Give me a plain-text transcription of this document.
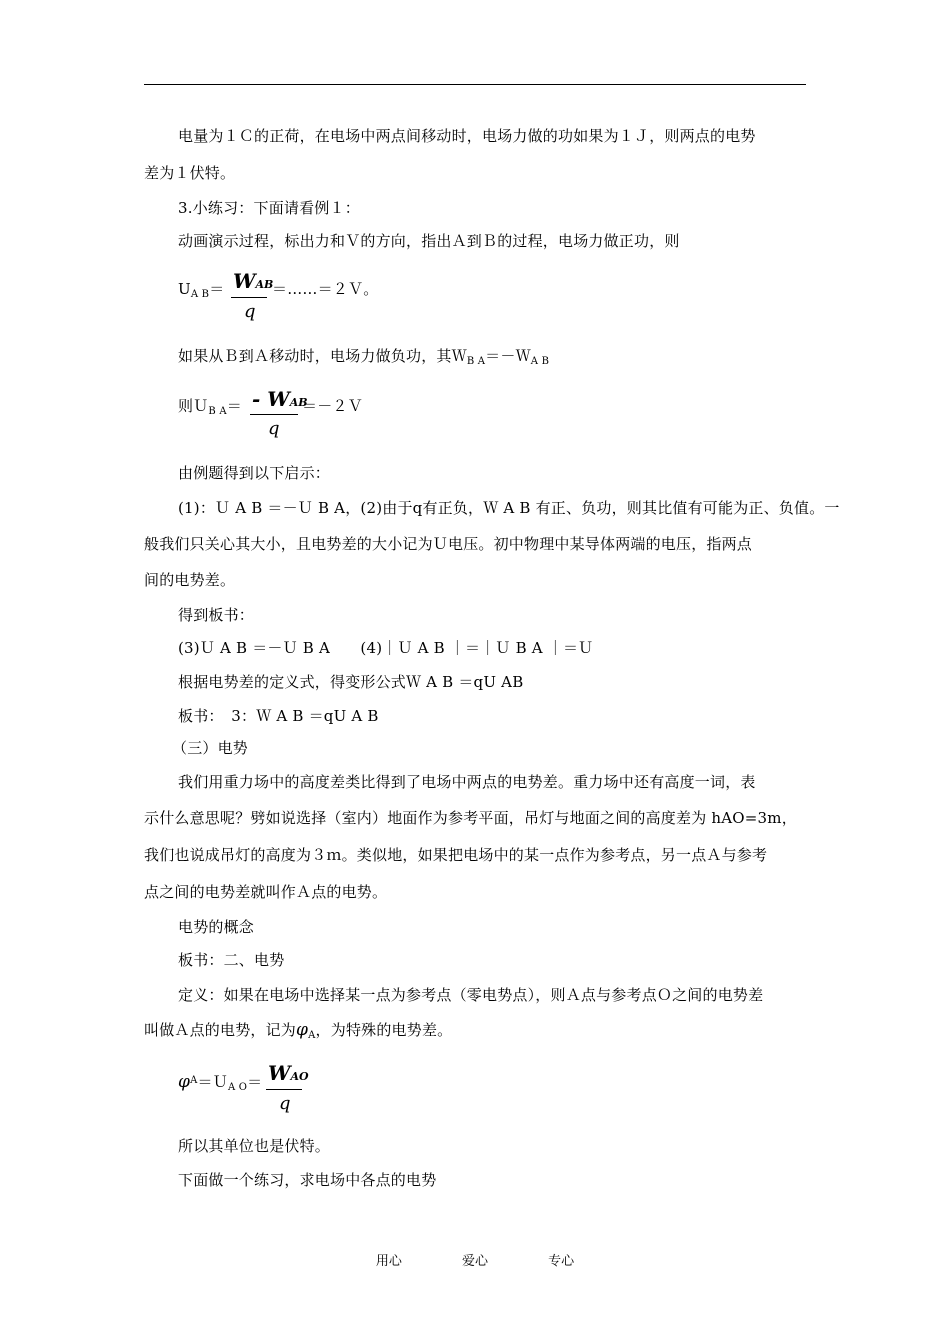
电量为１Ｃ的正荷，在电场中两点间移动时，电场力做的功如果为１Ｊ，则两点的电势
差为１伏特。
3.小练习：下面请看例１：
动画演示过程，标出力和Ｖ的方向，指出Ａ到Ｂ的过程，电场力做正功，则
$U_{A B}=$ WAB
q
＝……＝２Ｖ。
如果从Ｂ到Ａ移动时，电场力做负功，其Ｗ$_{B A}$＝－Ｗ$_{A B}$
则Ｕ$_{B A}$＝ - WAB
q
＝－２Ｖ
由例题得到以下启示：
(1)：Ｕ A B ＝－Ｕ B A，(2)由于q有正负，Ｗ A B 有正、负功，则其比值有可能为正、负值。一
般我们只关心其大小，且电势差的大小记为Ｕ电压。初中物理中某导体两端的电压，指两点
间的电势差。
得到板书：
(3)Ｕ A B ＝－Ｕ B A　　(4)｜Ｕ A B ｜＝｜Ｕ B A ｜＝Ｕ
根据电势差的定义式，得变形公式Ｗ A B ＝qU AB
板书：　3：Ｗ A B ＝qU A B
（三）电势
我们用重力场中的高度差类比得到了电场中两点的电势差。重力场中还有高度一词，表
示什么意思呢？劈如说选择（室内）地面作为参考平面，吊灯与地面之间的高度差为 hAO=3m，
我们也说成吊灯的高度为３ｍ。类似地，如果把电场中的某一点作为参考点，另一点Ａ与参考
点之间的电势差就叫作Ａ点的电势。
电势的概念
板书：二、电势
定义：如果在电场中选择某一点为参考点（零电势点），则Ａ点与参考点Ｏ之间的电势差
叫做Ａ点的电势，记为$\varphi_A$，为特殊的电势差。
$\varphi^A=U_{A O}=$ WAO
q
所以其单位也是伏特。
下面做一个练习，求电场中各点的电势
用心	爱心	专心
